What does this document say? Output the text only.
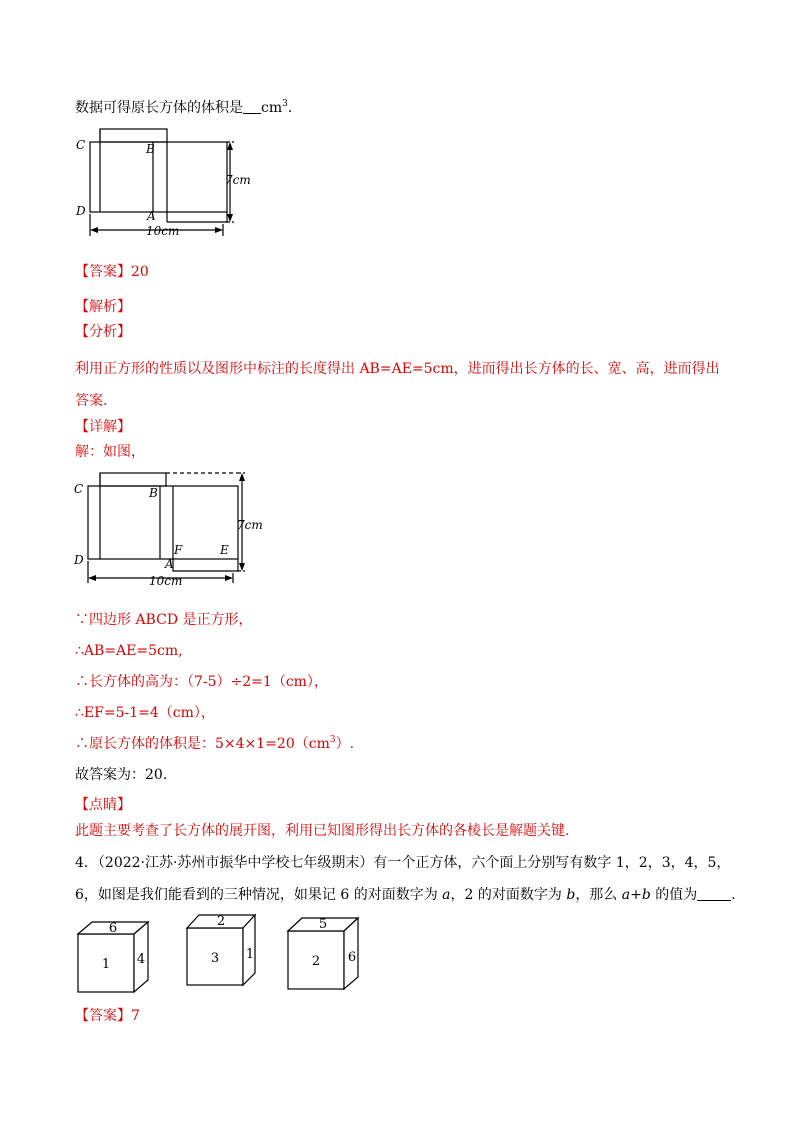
数据可得原长方体的体积是 $cm^3$.
C	B
D	A
7cm
10cm
【答案】20
【解析】
【分析】
利用正方形的性质以及图形中标注的长度得出 AB=AE=5cm，进而得出长方体的长、宽、高，进而得出答案.
【详解】
解：如图，
C	B
D	A
F	E
7cm
10cm
∵四边形 ABCD 是正方形，
∴AB=AE=5cm,
∴长方体的高为：（7-5）÷2=1（cm），
∴EF=5-1=4（cm），
∴原长方体的体积是：$5\times 4\times 1=20(cm^3)$.
故答案为：20.
【点睛】
此题主要考查了长方体的展开图，利用已知图形得出长方体的各棱长是解题关键.
4．（2022·江苏·苏州市振华中学校七年级期末）有一个正方体，六个面上分别写有数字 1，2，3，4，5，
6，如图是我们能看到的三种情况，如果记 6 的对面数字为 a，2 的对面数字为 b，那么 a+b 的值为 .
6
1 4
2
3 1
5
2 6
【答案】7
